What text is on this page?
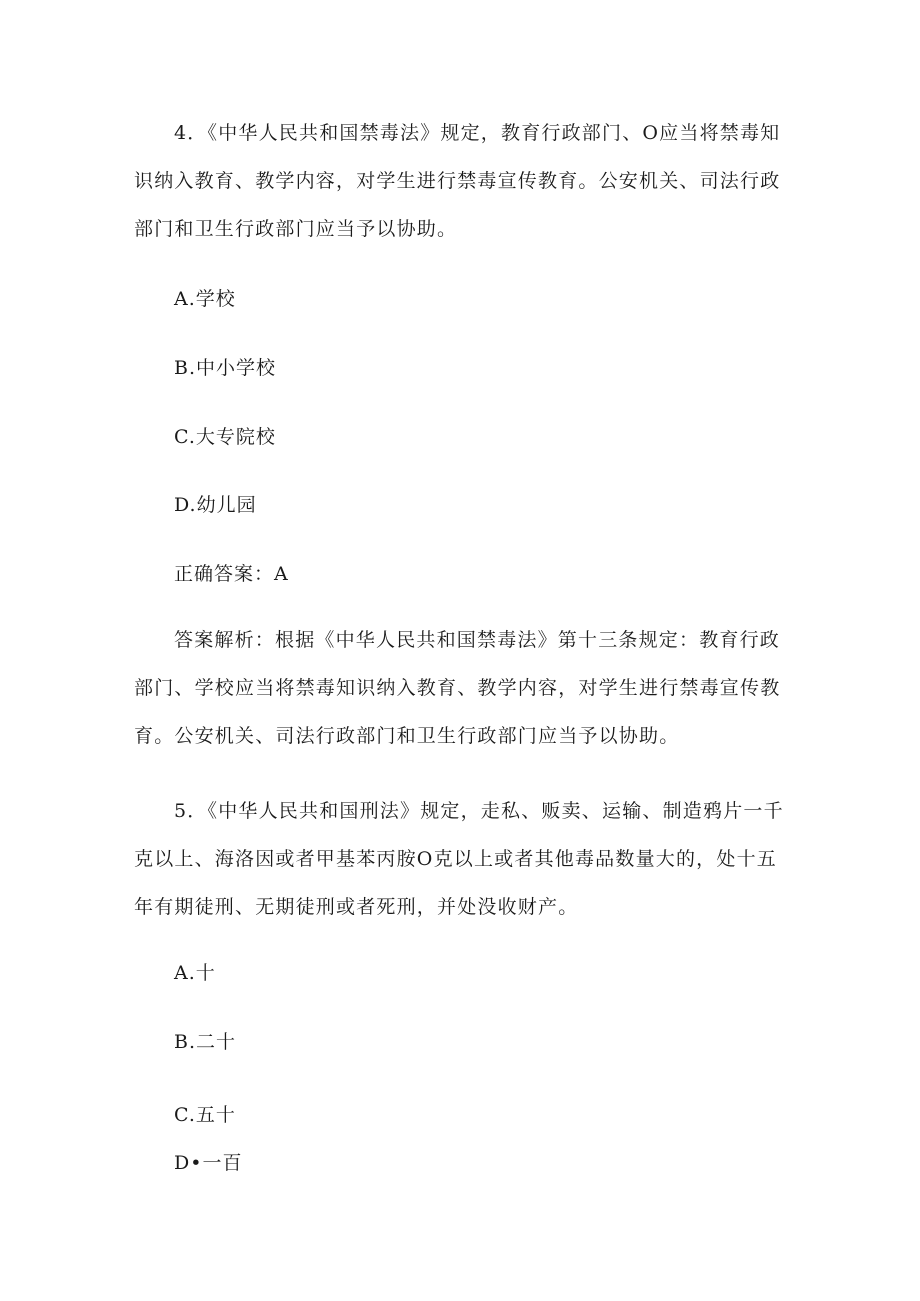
4．《中华人民共和国禁毒法》规定，教育行政部门、O应当将禁毒知识纳入教育、教学内容，对学生进行禁毒宣传教育。公安机关、司法行政部门和卫生行政部门应当予以协助。

A.学校

B.中小学校

C.大专院校

D.幼儿园

正确答案：A

答案解析：根据《中华人民共和国禁毒法》第十三条规定：教育行政部门、学校应当将禁毒知识纳入教育、教学内容，对学生进行禁毒宣传教育。公安机关、司法行政部门和卫生行政部门应当予以协助。

5．《中华人民共和国刑法》规定，走私、贩卖、运输、制造鸦片一千克以上、海洛因或者甲基苯丙胺O克以上或者其他毒品数量大的，处十五年有期徒刑、无期徒刑或者死刑，并处没收财产。

A.十

B.二十

C.五十

D•一百
